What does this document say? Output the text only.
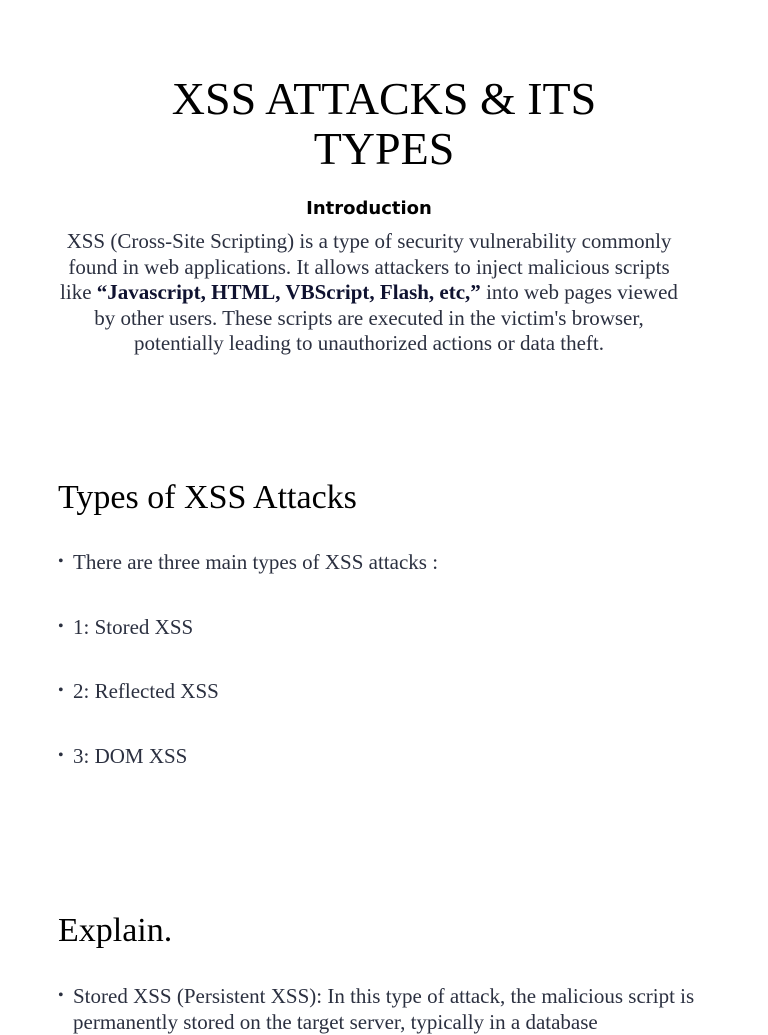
XSS ATTACKS & ITS
TYPES
Introduction
XSS (Cross-Site Scripting) is a type of security vulnerability commonly found in web applications. It allows attackers to inject malicious scripts like “Javascript, HTML, VBScript, Flash, etc,” into web pages viewed by other users. These scripts are executed in the victim's browser, potentially leading to unauthorized actions or data theft.
Types of XSS Attacks
• There are three main types of XSS attacks :
• 1: Stored XSS
• 2: Reflected XSS
• 3: DOM XSS
Explain.
• Stored XSS (Persistent XSS): In this type of attack, the malicious script is permanently stored on the target server, typically in a database
